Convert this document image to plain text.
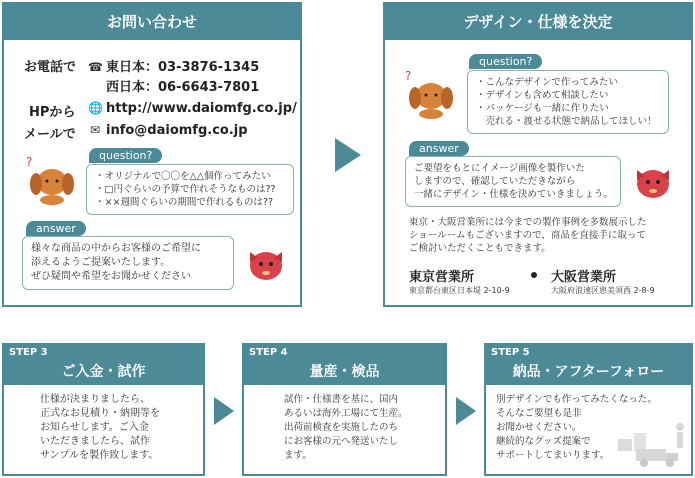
お問い合わせ
お電話で ☎ 東日本：03-3876-1345
西日本：06-6643-7801
HPから 🌐 http://www.daiomfg.co.jp/
メールで ✉ info@daiomfg.co.jp
?	question?
・オリジナルで〇〇を△△個作ってみたい
・□円ぐらいの予算で作れそうなものは??
・××週間ぐらいの期間で作れるものは??
answer
様々な商品の中からお客様のご希望に
添えるようご提案いたします。
ぜひ疑問や希望をお聞かせください
デザイン・仕様を決定
?
question?
・こんなデザインで作ってみたい
・デザインも含めて相談したい
・パッケージも一緒に作りたい
　売れる・渡せる状態で納品してほしい！
answer
ご要望をもとにイメージ画像を製作いた
しますので、確認していただきながら
一緒にデザイン・仕様を決めていきましょう。
東京・大阪営業所には今までの製作事例を多数展示した
ショールームもございますので、商品を直接手に取って
ご検討いただくこともできます。
東京営業所
東京都台東区日本堤 2-10-9
大阪営業所
大阪府浪速区恵美須西 2-8-9
STEP 3
ご入金・試作
仕様が決まりましたら、
正式なお見積り・納期等を
お知らせします。ご入金
いただきましたら、試作
サンプルを製作致します。
STEP 4
量産・検品
試作・仕様書を基に、国内
あるいは海外工場にて生産。
出荷前検査を実施したのち
にお客様の元へ発送いたし
ます。
STEP 5
納品・アフターフォロー
別デザインでも作ってみたくなった。
そんなご要望も是非
お聞かせください。
継続的なグッズ提案で
サポートしてまいります。
